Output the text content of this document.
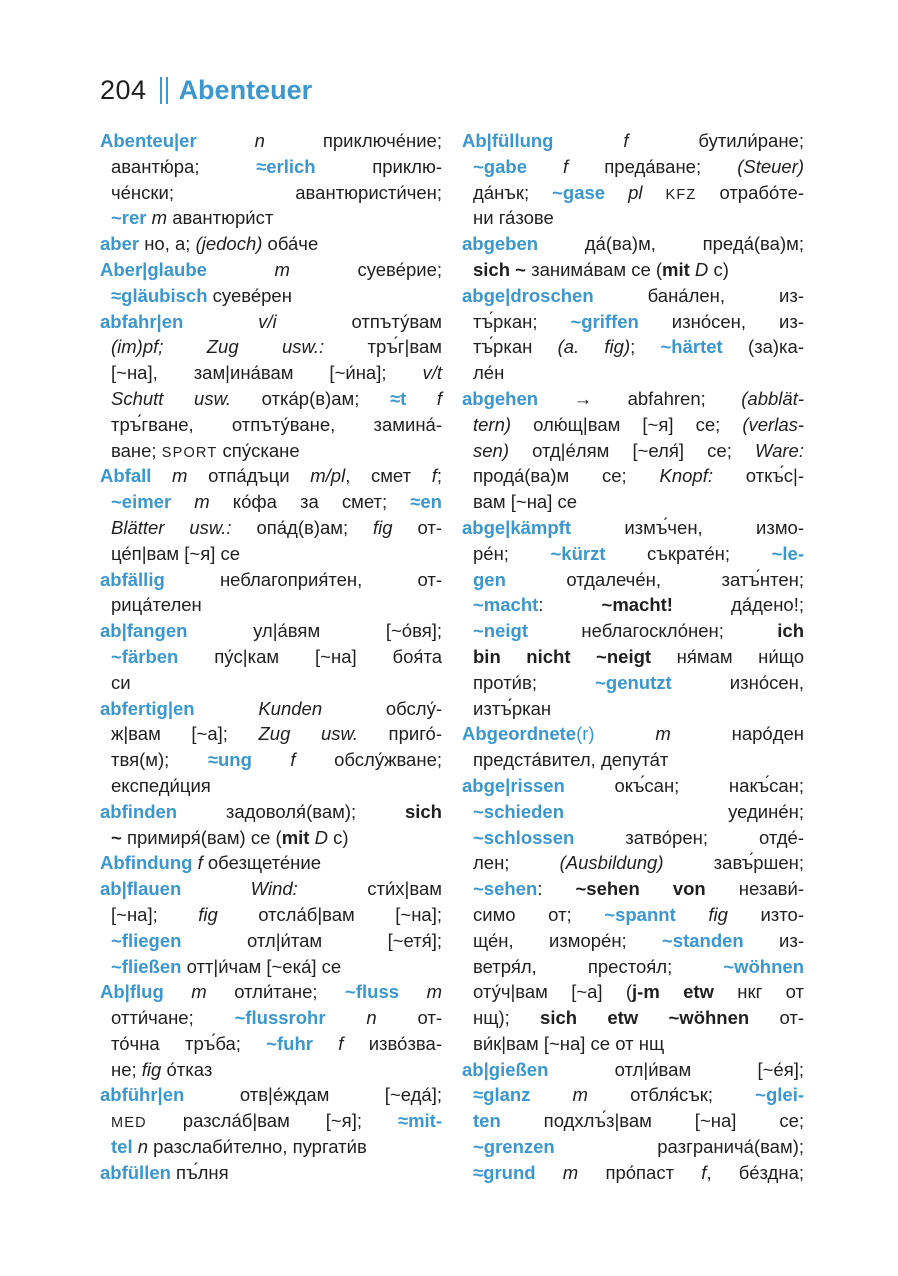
204 Abenteuer
Abenteu|er n приключе́ние;
авантю́ра; ≈erlich приклю-
че́нски; авантюристи́чен;
~rer m авантюри́ст
aber но, а; (jedoch) оба́че
Aber|glaube m суеве́рие;
≈gläubisch суеве́рен
abfahr|en v/i отпъту́вам
(im)pf; Zug usw.: тръ́г|вам
[~на], зам|ина́вам [~и́на]; v/t
Schutt usw. отка́р(в)ам; ≈t f
тръ́гване, отпъту́ване, замина́-
ване; SPORT спу́скане
Abfall m отпа́дъци m/pl, смет f;
~eimer m ко́фа за смет; ≈en
Blätter usw.: опа́д(в)ам; fig от-
це́п|вам [~я] се
abfällig неблагоприя́тен, от-
рица́телен
ab|fangen ул|а́вям [~о́вя];
~färben пу́с|кам [~на] боя́та
си
abfertig|en Kunden обслу́-
ж|вам [~а]; Zug usw. приго́-
твя(м); ≈ung f обслу́жване;
експеди́ция
abfinden задоволя́(вам); sich
~ примиря́(вам) се (mit D с)
Abfindung f обезщете́ние
ab|flauen Wind: сти́х|вам
[~на]; fig отсла́б|вам [~на];
~fliegen отл|и́там [~етя́];
~fließen отт|и́чам [~ека́] се
Ab|flug m отли́тане; ~fluss m
отти́чане; ~flussrohr n от-
то́чна тръ́ба; ~fuhr f изво́зва-
не; fig о́тказ
abführ|en отв|е́ждам [~еда́];
MED разсла́б|вам [~я]; ≈mit-
tel n разслаби́телно, пургати́в
abfüllen пъ́лня
Ab|füllung f бутили́ране;
~gabe f преда́ване; (Steuer)
да́нък; ~gase pl KFZ отрабо́те-
ни га́зове
abgeben да́(ва)м, преда́(ва)м;
sich ~ занима́вам се (mit D с)
abge|droschen бана́лен, из-
тъ́ркан; ~griffen изно́сен, из-
тъ́ркан (a. fig); ~härtet (за)ка-
ле́н
abgehen → abfahren; (abblät-
tern) олю́щ|вам [~я] се; (verlas-
sen) отд|е́лям [~еля́] се; Ware:
прода́(ва)м се; Knopf: откъ́с|-
вам [~на] се
abge|kämpft измъ́чен, измо-
ре́н; ~kürzt съкрате́н; ~le-
gen отдалече́н, затъ́нтен;
~macht: ~macht! да́дено!;
~neigt неблагоскло́нен; ich
bin nicht ~neigt ня́мам ни́що
проти́в; ~genutzt изно́сен,
изтъ́ркан
Abgeordnete(r) m наро́ден
предста́вител, депута́т
abge|rissen окъ́сан; накъ́сан;
~schieden уедине́н;
~schlossen затво́рен; отде́-
лен; (Ausbildung) завъ́ршен;
~sehen: ~sehen von незави́-
симо от; ~spannt fig изто-
ще́н, изморе́н; ~standen из-
ветря́л, престоя́л; ~wöhnen
оту́ч|вам [~а] (j-m etw нкг от
нщ); sich etw ~wöhnen от-
ви́к|вам [~на] се от нщ
ab|gießen отл|и́вам [~е́я];
≈glanz m отбля́сък; ~glei-
ten подхлъ́з|вам [~на] се;
~grenzen разгранича́(вам);
≈grund m про́паст f, бе́здна;
